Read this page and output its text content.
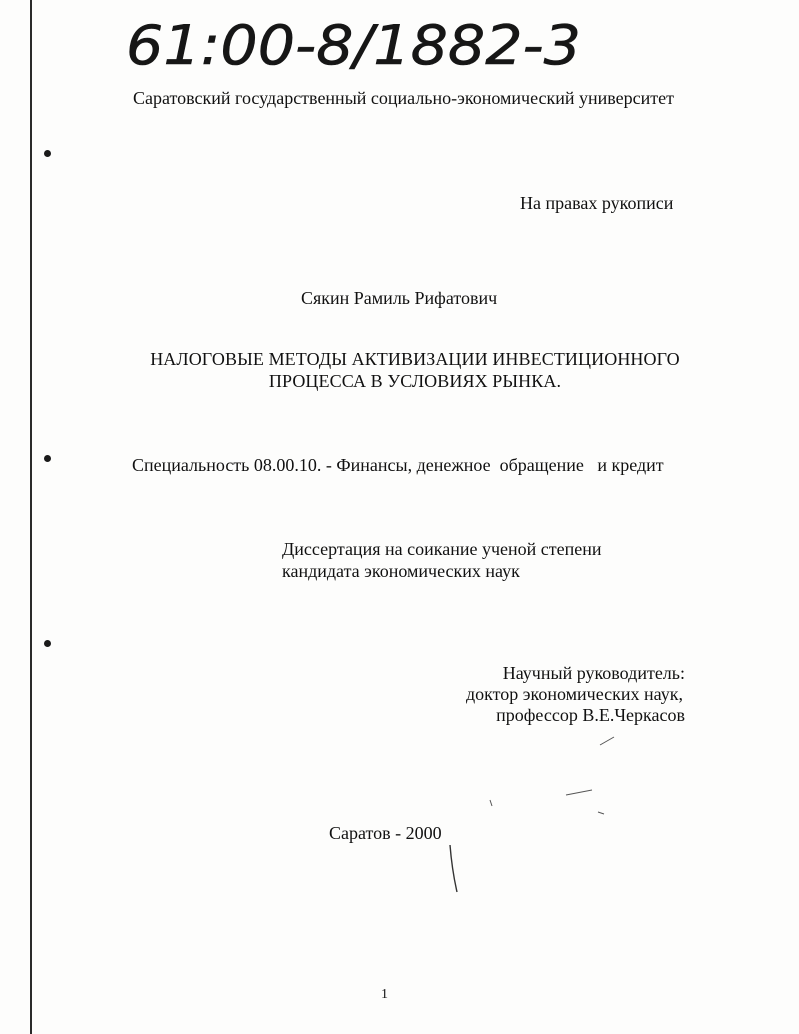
61:00-8/1882-3
Саратовский государственный социально-экономический университет
На правах рукописи
Сякин Рамиль Рифатович
НАЛОГОВЫЕ МЕТОДЫ АКТИВИЗАЦИИ ИНВЕСТИЦИОННОГО
ПРОЦЕССА В УСЛОВИЯХ РЫНКА.
Специальность 08.00.10. - Финансы, денежное  обращение   и кредит
Диссертация на соикание ученой степени
кандидата экономических наук
Научный руководитель:
доктор экономических наук,
профессор В.Е.Черкасов
Саратов - 2000
1
